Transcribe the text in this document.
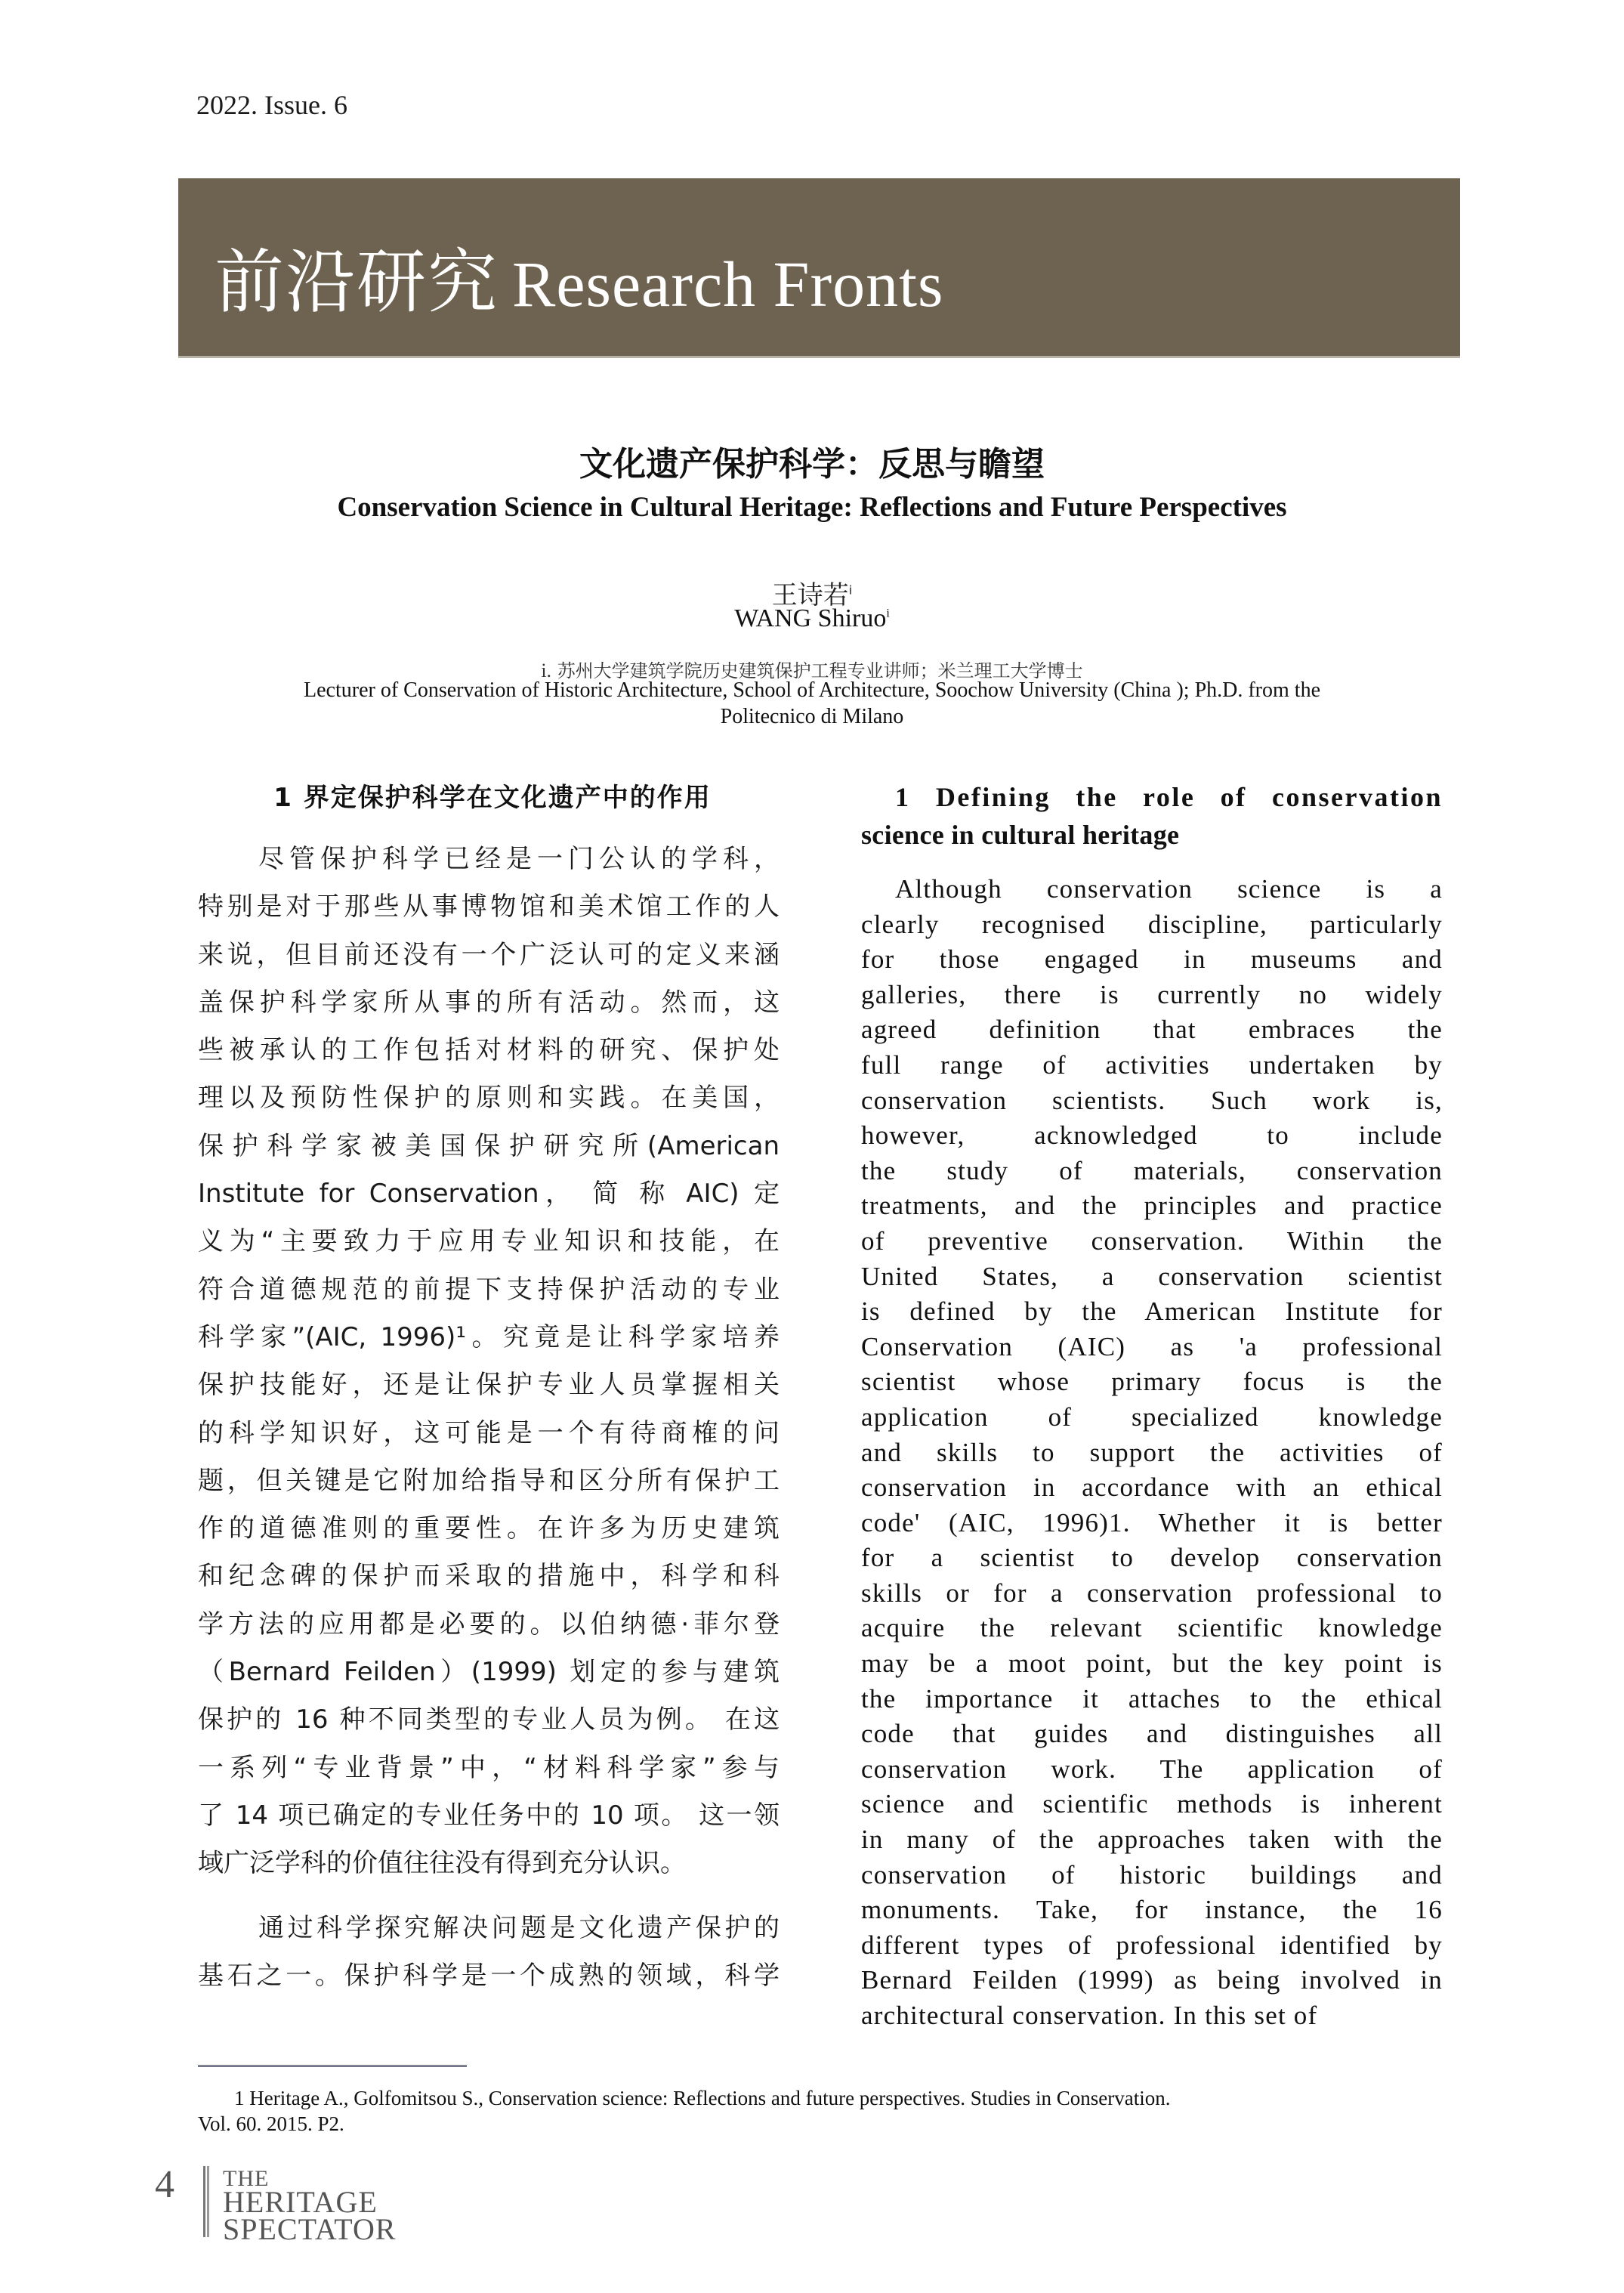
2022. Issue. 6
前沿研究 Research Fronts
文化遗产保护科学：反思与瞻望
Conservation Science in Cultural Heritage: Reflections and Future Perspectives
王诗若$^i$
WANG Shiruo$^i$
i. 苏州大学建筑学院历史建筑保护工程专业讲师；米兰理工大学博士
Lecturer of Conservation of Historic Architecture, School of Architecture, Soochow University (China ); Ph.D. from the
Politecnico di Milano
1 界定保护科学在文化遗产中的作用
尽管保护科学已经是一门公认的学科，
特别是对于那些从事博物馆和美术馆工作的人
来说，但目前还没有一个广泛认可的定义来涵
盖保护科学家所从事的所有活动。然而，这
些被承认的工作包括对材料的研究、保护处
理以及预防性保护的原则和实践。在美国，
保 护 科 学 家 被 美 国 保 护 研 究 所 (American
Institute for Conservation， 简 称 AIC) 定
义为“主要致力于应用专业知识和技能，在
符合道德规范的前提下支持保护活动的专业
科学家”(AIC, 1996)¹。究竟是让科学家培养
保护技能好，还是让保护专业人员掌握相关
的科学知识好，这可能是一个有待商榷的问
题，但关键是它附加给指导和区分所有保护工
作的道德准则的重要性。在许多为历史建筑
和纪念碑的保护而采取的措施中，科学和科
学方法的应用都是必要的。以伯纳德·菲尔登
（Bernard Feilden）(1999) 划定的参与建筑
保护的 16 种不同类型的专业人员为例。 在这
一系列“专业背景”中，“材料科学家”参与
了 14 项已确定的专业任务中的 10 项。 这一领
域广泛学科的价值往往没有得到充分认识。
通过科学探究解决问题是文化遗产保护的
基石之一。保护科学是一个成熟的领域，科学
1 Defining the role of conservation
science in cultural heritage
Although conservation science is a
clearly recognised discipline, particularly
for those engaged in museums and
galleries, there is currently no widely
agreed definition that embraces the
full range of activities undertaken by
conservation scientists. Such work is,
however, acknowledged to include
the study of materials, conservation
treatments, and the principles and practice
of preventive conservation. Within the
United States, a conservation scientist
is defined by the American Institute for
Conservation (AIC) as 'a professional
scientist whose primary focus is the
application of specialized knowledge
and skills to support the activities of
conservation in accordance with an ethical
code' (AIC, 1996)1. Whether it is better
for a scientist to develop conservation
skills or for a conservation professional to
acquire the relevant scientific knowledge
may be a moot point, but the key point is
the importance it attaches to the ethical
code that guides and distinguishes all
conservation work. The application of
science and scientific methods is inherent
in many of the approaches taken with the
conservation of historic buildings and
monuments. Take, for instance, the 16
different types of professional identified by
Bernard Feilden (1999) as being involved in
architectural conservation. In this set of
1 Heritage A., Golfomitsou S., Conservation science: Reflections and future perspectives. Studies in Conservation.
Vol. 60. 2015. P2.
4 THE
HERITAGE
SPECTATOR
